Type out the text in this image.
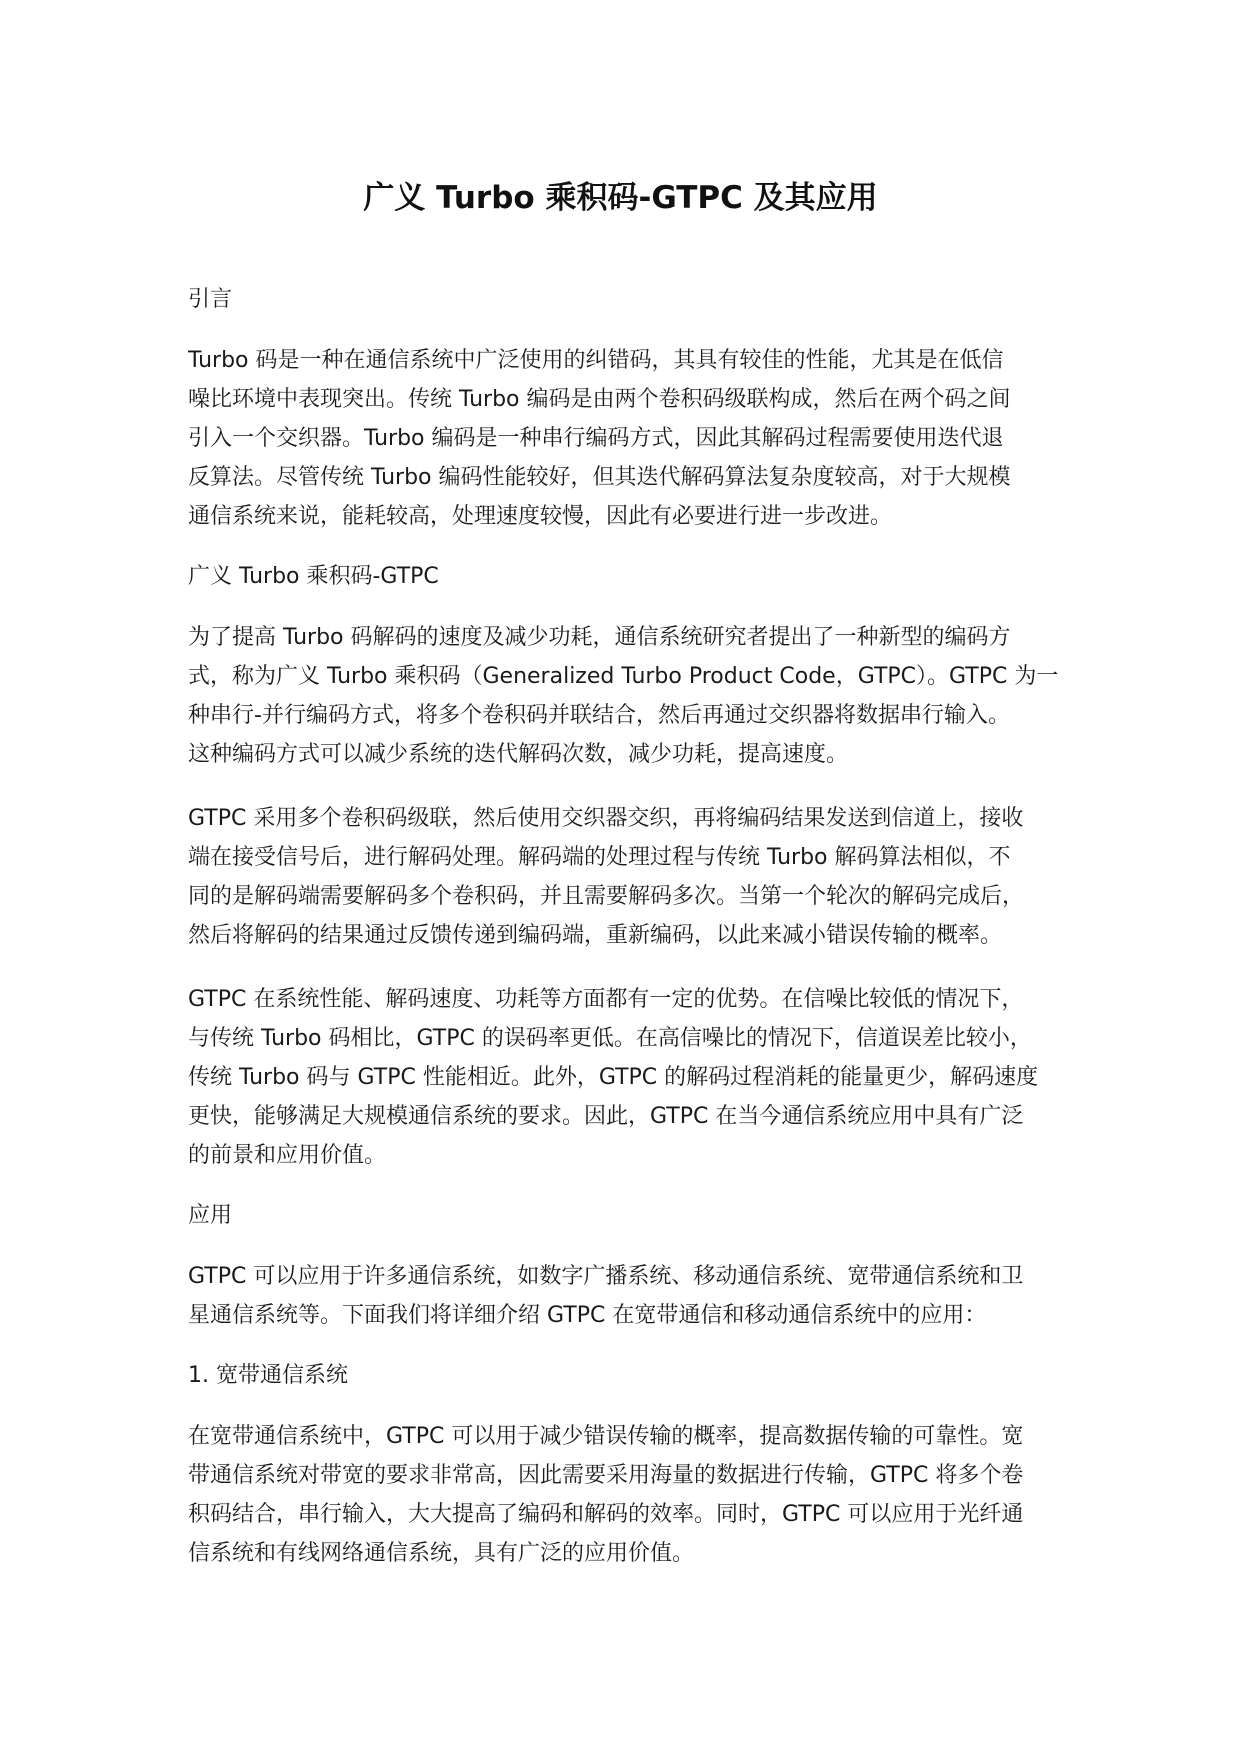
广义 Turbo 乘积码-GTPC 及其应用
引言
Turbo 码是一种在通信系统中广泛使用的纠错码，其具有较佳的性能，尤其是在低信
噪比环境中表现突出。传统 Turbo 编码是由两个卷积码级联构成，然后在两个码之间
引入一个交织器。Turbo 编码是一种串行编码方式，因此其解码过程需要使用迭代退
反算法。尽管传统 Turbo 编码性能较好，但其迭代解码算法复杂度较高，对于大规模
通信系统来说，能耗较高，处理速度较慢，因此有必要进行进一步改进。
广义 Turbo 乘积码-GTPC
为了提高 Turbo 码解码的速度及减少功耗，通信系统研究者提出了一种新型的编码方
式，称为广义 Turbo 乘积码（Generalized Turbo Product Code，GTPC）。GTPC 为一
种串行-并行编码方式，将多个卷积码并联结合，然后再通过交织器将数据串行输入。
这种编码方式可以减少系统的迭代解码次数，减少功耗，提高速度。
GTPC 采用多个卷积码级联，然后使用交织器交织，再将编码结果发送到信道上，接收
端在接受信号后，进行解码处理。解码端的处理过程与传统 Turbo 解码算法相似，不
同的是解码端需要解码多个卷积码，并且需要解码多次。当第一个轮次的解码完成后，
然后将解码的结果通过反馈传递到编码端，重新编码，以此来减小错误传输的概率。
GTPC 在系统性能、解码速度、功耗等方面都有一定的优势。在信噪比较低的情况下，
与传统 Turbo 码相比，GTPC 的误码率更低。在高信噪比的情况下，信道误差比较小，
传统 Turbo 码与 GTPC 性能相近。此外，GTPC 的解码过程消耗的能量更少，解码速度
更快，能够满足大规模通信系统的要求。因此，GTPC 在当今通信系统应用中具有广泛
的前景和应用价值。
应用
GTPC 可以应用于许多通信系统，如数字广播系统、移动通信系统、宽带通信系统和卫
星通信系统等。下面我们将详细介绍 GTPC 在宽带通信和移动通信系统中的应用：
1. 宽带通信系统
在宽带通信系统中，GTPC 可以用于减少错误传输的概率，提高数据传输的可靠性。宽
带通信系统对带宽的要求非常高，因此需要采用海量的数据进行传输，GTPC 将多个卷
积码结合，串行输入，大大提高了编码和解码的效率。同时，GTPC 可以应用于光纤通
信系统和有线网络通信系统，具有广泛的应用价值。
